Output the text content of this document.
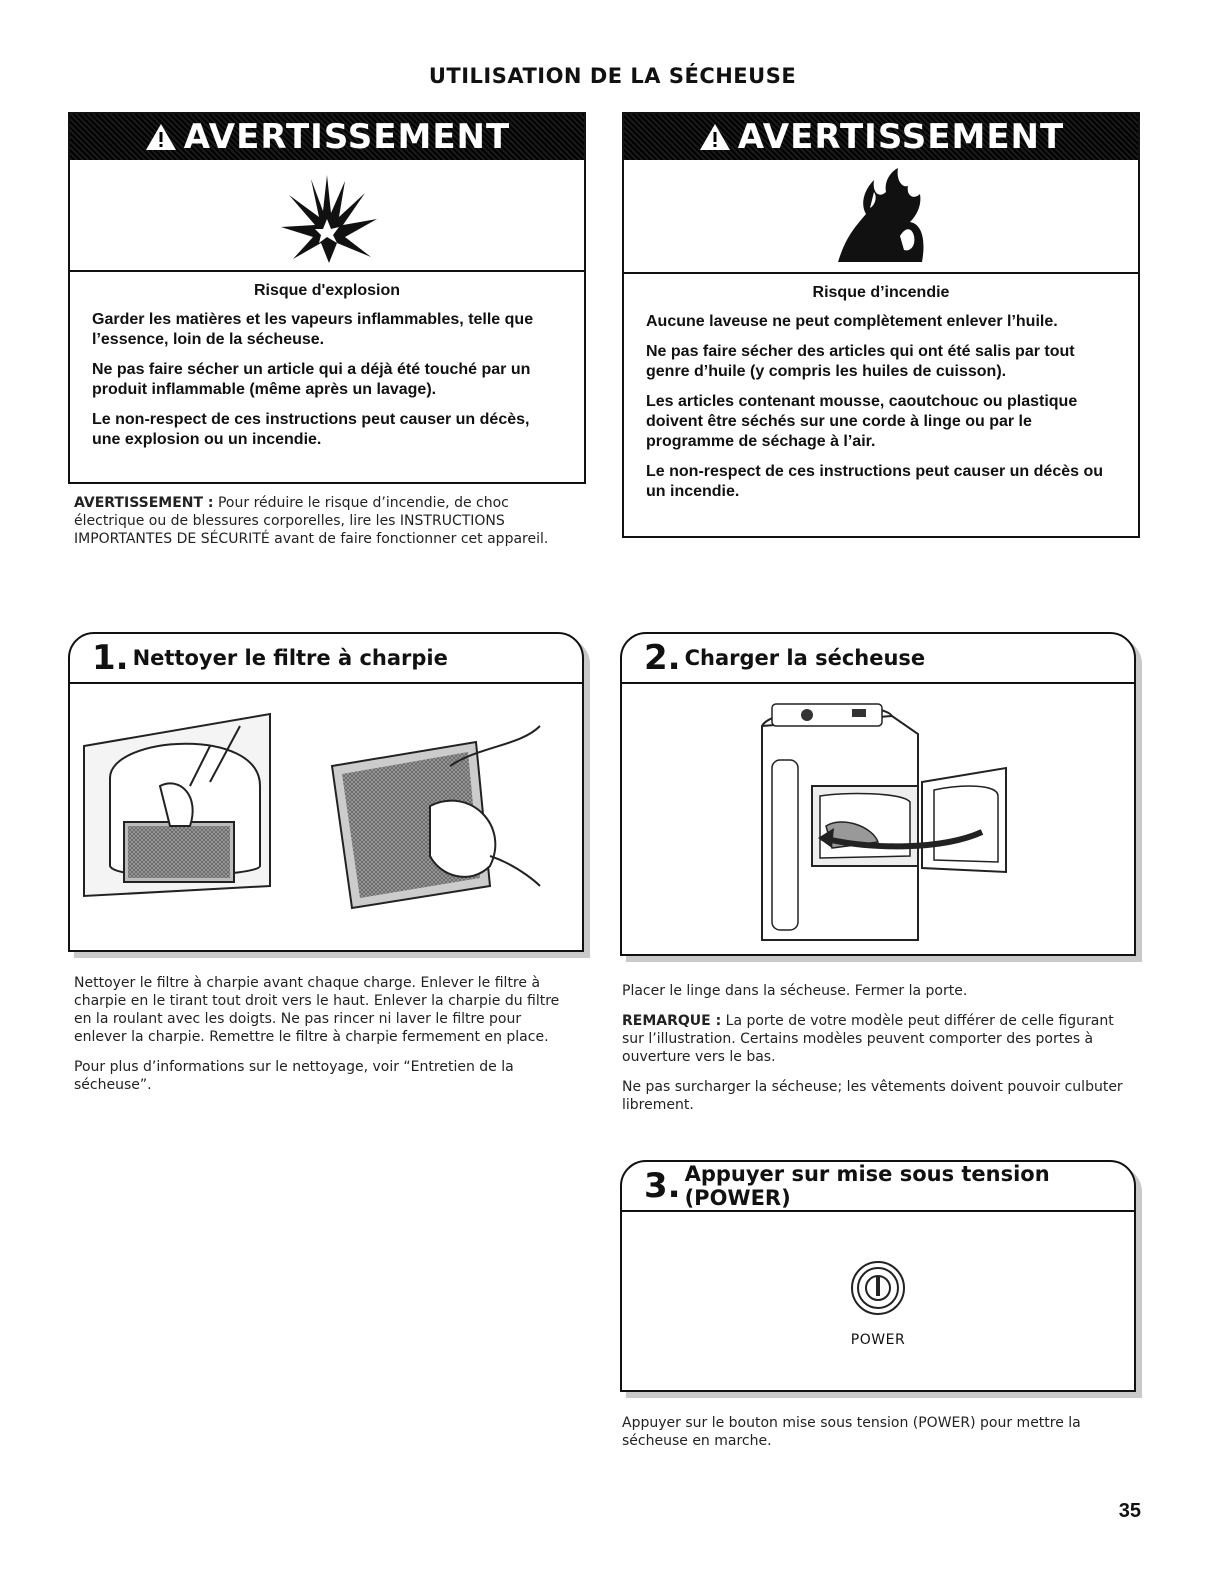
UTILISATION DE LA SÉCHEUSE
AVERTISSEMENT
Risque d'explosion
Garder les matières et les vapeurs inflammables, telle que l’essence, loin de la sécheuse.
Ne pas faire sécher un article qui a déjà été touché par un produit inflammable (même après un lavage).
Le non-respect de ces instructions peut causer un décès, une explosion ou un incendie.
AVERTISSEMENT
Risque d’incendie
Aucune laveuse ne peut complètement enlever l’huile.
Ne pas faire sécher des articles qui ont été salis par tout genre d’huile (y compris les huiles de cuisson).
Les articles contenant mousse, caoutchouc ou plastique doivent être séchés sur une corde à linge ou par le programme de séchage à l’air.
Le non-respect de ces instructions peut causer un décès ou un incendie.

AVERTISSEMENT : Pour réduire le risque d’incendie, de choc électrique ou de blessures corporelles, lire les INSTRUCTIONS IMPORTANTES DE SÉCURITÉ avant de faire fonctionner cet appareil.

1. Nettoyer le filtre à charpie

Nettoyer le filtre à charpie avant chaque charge. Enlever le filtre à charpie en le tirant tout droit vers le haut. Enlever la charpie du filtre en la roulant avec les doigts. Ne pas rincer ni laver le filtre pour enlever la charpie. Remettre le filtre à charpie fermement en place.

Pour plus d’informations sur le nettoyage, voir “Entretien de la sécheuse”.

2. Charger la sécheuse

Placer le linge dans la sécheuse. Fermer la porte.

REMARQUE : La porte de votre modèle peut différer de celle figurant sur l’illustration. Certains modèles peuvent comporter des portes à ouverture vers le bas.

Ne pas surcharger la sécheuse; les vêtements doivent pouvoir culbuter librement.

3. Appuyer sur mise sous tension (POWER)
POWER

Appuyer sur le bouton mise sous tension (POWER) pour mettre la sécheuse en marche.

35
